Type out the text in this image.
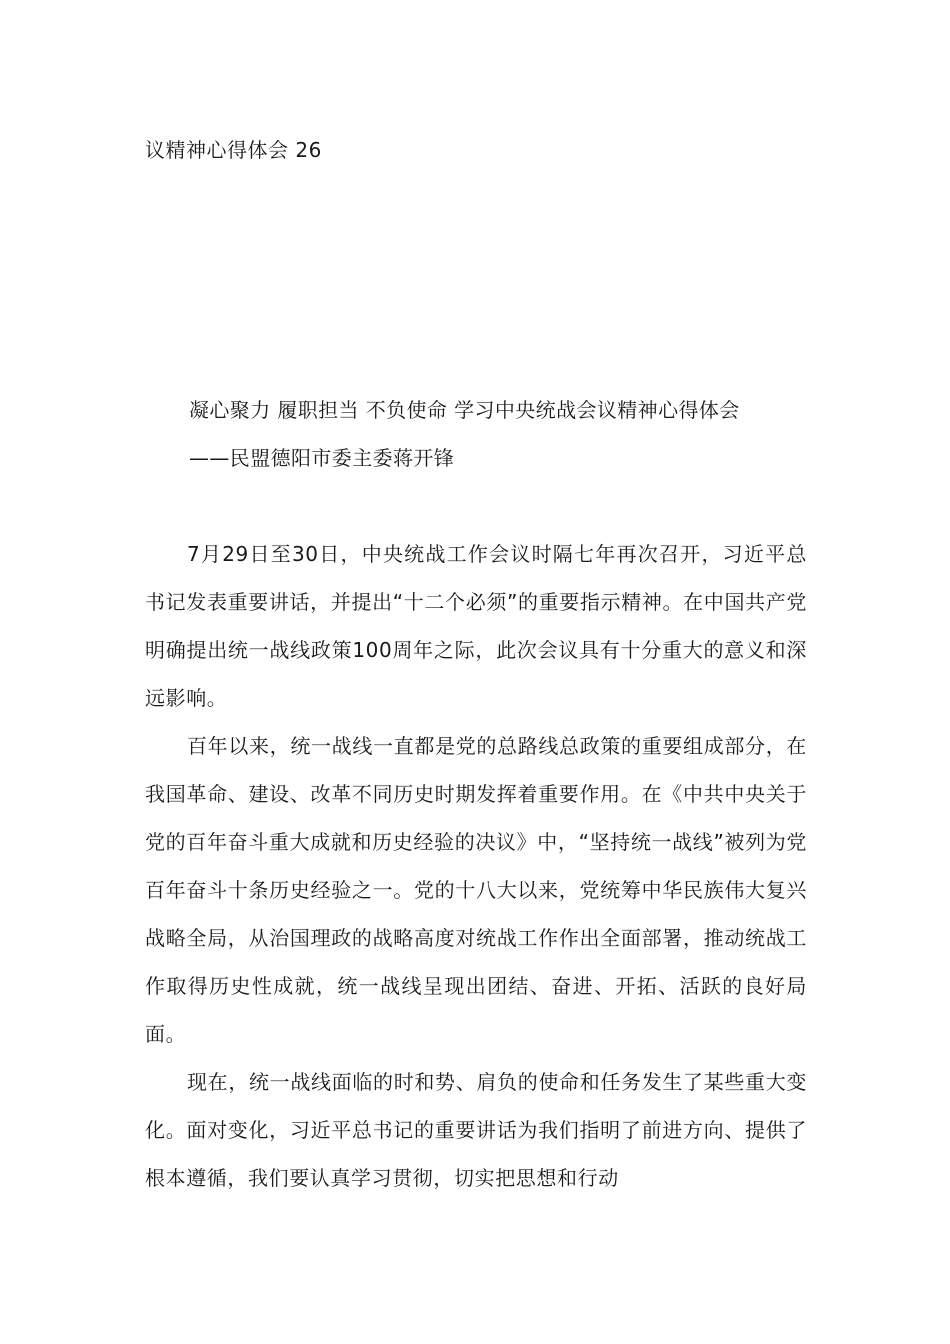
议精神心得体会 26
凝心聚力 履职担当 不负使命 学习中央统战会议精神心得体会
——民盟德阳市委主委蒋开锋

7月29日至30日，中央统战工作会议时隔七年再次召开，习近平总书记发表重要讲话，并提出“十二个必须”的重要指示精神。在中国共产党明确提出统一战线政策100周年之际，此次会议具有十分重大的意义和深远影响。

百年以来，统一战线一直都是党的总路线总政策的重要组成部分，在我国革命、建设、改革不同历史时期发挥着重要作用。在《中共中央关于党的百年奋斗重大成就和历史经验的决议》中，“坚持统一战线”被列为党百年奋斗十条历史经验之一。党的十八大以来，党统筹中华民族伟大复兴战略全局，从治国理政的战略高度对统战工作作出全面部署，推动统战工作取得历史性成就，统一战线呈现出团结、奋进、开拓、活跃的良好局面。

现在，统一战线面临的时和势、肩负的使命和任务发生了某些重大变化。面对变化，习近平总书记的重要讲话为我们指明了前进方向、提供了根本遵循，我们要认真学习贯彻，切实把思想和行动
